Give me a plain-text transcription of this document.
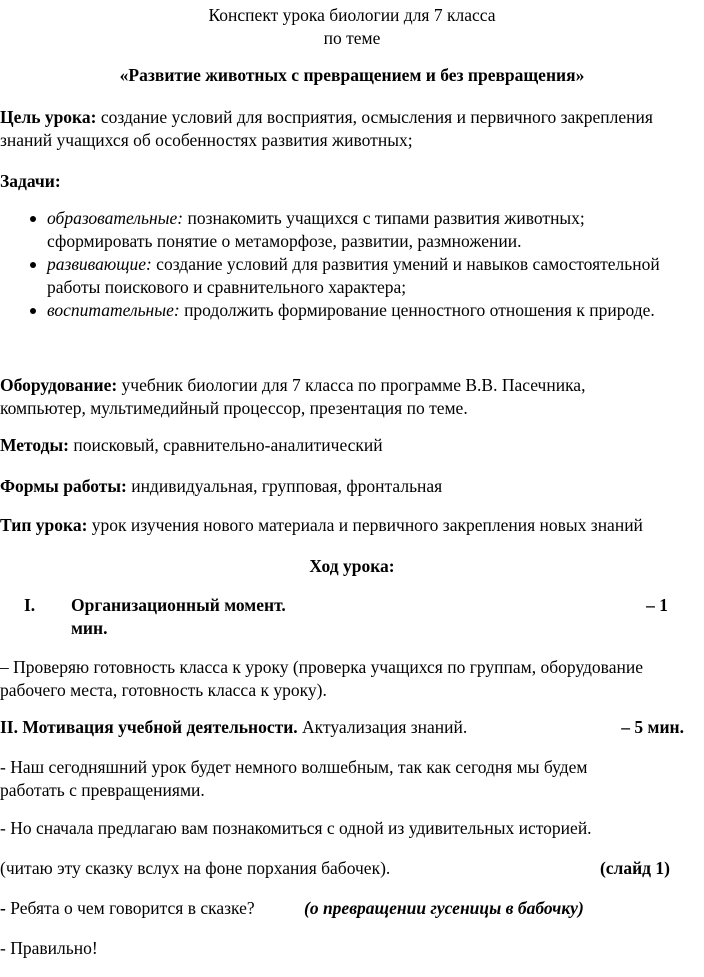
Конспект урока биологии для 7 класса
по теме
«Развитие животных с превращением и без превращения»
Цель урока: создание условий для восприятия, осмысления и первичного закрепления
знаний учащихся об особенностях развития животных;
Задачи:
образовательные: познакомить учащихся с типами развития животных;
сформировать понятие о метаморфозе, развитии, размножении.
развивающие: создание условий для развития умений и навыков самостоятельной
работы поискового и сравнительного характера;
воспитательные: продолжить формирование ценностного отношения к природе.
Оборудование: учебник биологии для 7 класса по программе В.В. Пасечника,
компьютер, мультимедийный процессор, презентация по теме.
Методы: поисковый, сравнительно-аналитический
Формы работы: индивидуальная, групповая, фронтальная
Тип урока: урок изучения нового материала и первичного закрепления новых знаний
Ход урока:
I. Организационный момент.	– 1
мин.
– Проверяю готовность класса к уроку (проверка учащихся по группам, оборудование
рабочего места, готовность класса к уроку).
II. Мотивация учебной деятельности. Актуализация знаний.	– 5 мин.
- Наш сегодняшний урок будет немного волшебным, так как сегодня мы будем
работать с превращениями.
- Но сначала предлагаю вам познакомиться с одной из удивительных историей.
(читаю эту сказку вслух на фоне порхания бабочек).	(слайд 1)
- Ребята о чем говорится в сказке?	(о превращении гусеницы в бабочку)
- Правильно!
